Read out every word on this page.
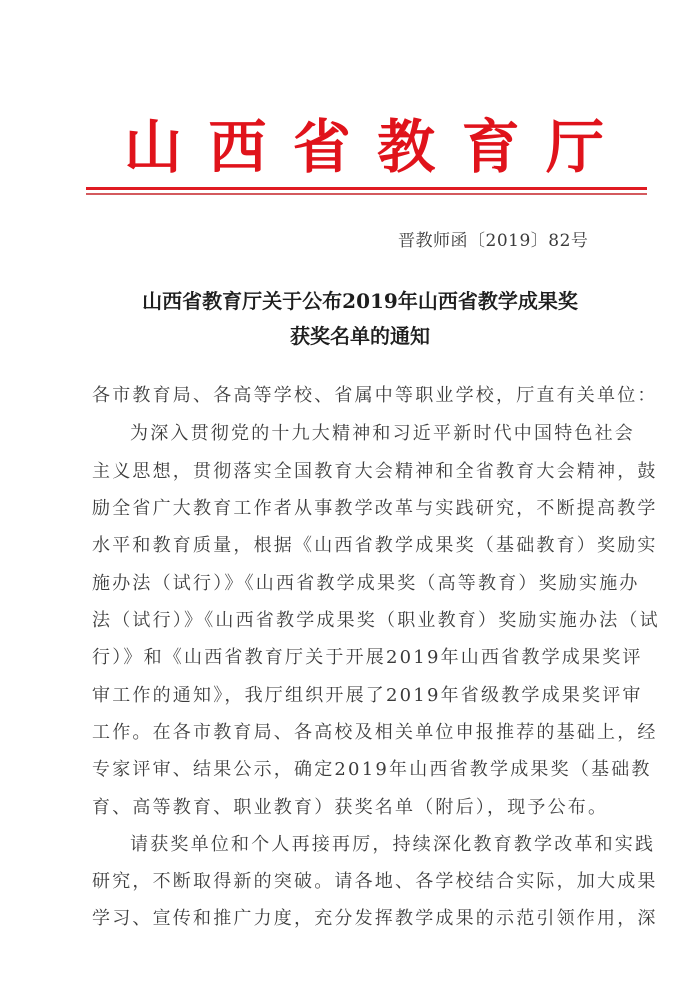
山 西 省 教 育 厅
晋教师函〔2019〕82号
山西省教育厅关于公布2019年山西省教学成果奖
获奖名单的通知
各市教育局、各高等学校、省属中等职业学校，厅直有关单位：
为深入贯彻党的十九大精神和习近平新时代中国特色社会
主义思想，贯彻落实全国教育大会精神和全省教育大会精神，鼓
励全省广大教育工作者从事教学改革与实践研究，不断提高教学
水平和教育质量，根据《山西省教学成果奖（基础教育）奖励实
施办法（试行）》《山西省教学成果奖（高等教育）奖励实施办
法（试行）》《山西省教学成果奖（职业教育）奖励实施办法（试
行）》和《山西省教育厅关于开展2019年山西省教学成果奖评
审工作的通知》，我厅组织开展了2019年省级教学成果奖评审
工作。在各市教育局、各高校及相关单位申报推荐的基础上，经
专家评审、结果公示，确定2019年山西省教学成果奖（基础教
育、高等教育、职业教育）获奖名单（附后），现予公布。
请获奖单位和个人再接再厉，持续深化教育教学改革和实践
研究，不断取得新的突破。请各地、各学校结合实际，加大成果
学习、宣传和推广力度，充分发挥教学成果的示范引领作用，深
